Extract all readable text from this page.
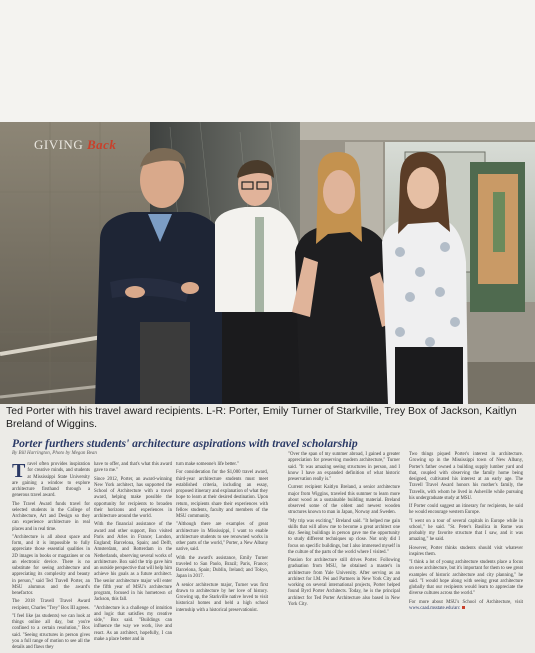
GIVING Back
Ted Porter with his travel award recipients. L-R: Porter, Emily Turner of Starkville, Trey Box of Jackson, Kaitlyn Breland of Wiggins.
Porter furthers students' architecture aspirations with travel scholarship
By Bill Harrington, Photo by Megan Bean

Travel often provides inspiration for creative minds, and students at Mississippi State University are gaining a window to explore architecture firsthand through a generous travel award.

The Travel Award funds travel for selected students in the College of Architecture, Art and Design so they can experience architecture in real places and in real time.

"Architecture is all about space and form, and it is impossible to fully appreciate those essential qualities in 2D images in books or magazines or on an electronic device. There is no substitute for seeing architecture and appreciating its complexity and beauty in person," said Ted Travell Porter, an MSU alumnus and the award's benefactor.

The 2018 Travell Travel Award recipient, Charles "Trey" Box III agrees.

"I feel like (as students) we can look at things online all day, but you're confined to a certain resolution," Box said. "Seeing structures in person gives you a full range of motion to see all the details and flaws they

have to offer, and that's what this award gave to me."

Since 2012, Porter, an award-winning New York architect, has supported the School of Architecture with a travel award, helping make possible the opportunity for recipients to broaden their horizons and experiences in architecture around the world.

With the financial assistance of the award and other support, Box visited Paris and Arles in France; London, England; Barcelona, Spain; and Delft, Amsterdam, and Rotterdam in the Netherlands, observing several works of architecture. Box said the trip gave him an outside perspective that will help him achieve his goals as a future architect. The senior architecture major will enter the fifth year of MSU's architecture program, focused in his hometown of Jackson, this fall.

"Architecture is a challenge of intuition and logic that satisfies my creative side," Box said. "Buildings can influence the way we work, live and react. As an architect, hopefully, I can make a place better and in

turn make someone's life better."

For consideration for the $1,000 travel award, third-year architecture students must meet established criteria, including an essay, proposed itinerary and explanation of what they hope to learn at their desired destination. Upon return, recipients share their experiences with fellow students, faculty and members of the MSU community.

"Although there are examples of great architecture in Mississippi, I want to enable architecture students to see renowned works in other parts of the world," Porter, a New Albany native, said.

With the award's assistance, Emily Turner traveled to San Paolo, Brazil; Paris, France; Barcelona, Spain; Dublin, Ireland; and Tokyo, Japan in 2017.

A senior architecture major, Turner was first drawn to architecture by her love of history. Growing up, the Starkville native loved to visit historical homes and held a high school internship with a historical preservationist.

"Over the span of my summer abroad, I gained a greater appreciation for preserving modern architecture," Turner said. "It was amazing seeing structures in person, and I know I have an expanded definition of what historic preservation really is."

Current recipient Kaitlyn Breland, a senior architecture major from Wiggins, traveled this summer to learn more about wood as a sustainable building material. Breland observed some of the oldest and newest wooden structures known to man in Japan, Norway and Sweden.

"My trip was exciting," Breland said. "It helped me gain skills that will allow me to become a great architect one day. Seeing buildings in person gave me the opportunity to study different techniques up close. Not only did I focus on specific buildings, but I also immersed myself in the culture of the parts of the world where I visited."

Passion for architecture still drives Porter. Following graduation from MSU, he obtained a master's in architecture from Yale University. After serving as an architect for I.M. Pei and Partners in New York City and working on several international projects, Porter helped found Byrd Porter Architects. Today, he is the principal architect for Ted Porter Architecture also based in New York City.

Two things piqued Porter's interest in architecture. Growing up in the Mississippi town of New Albany, Porter's father owned a building supply lumber yard and that, coupled with observing the family home being designed, cultivated his interest at an early age. The Travell Travel Award honors his mother's family, the Travells, with whom he lived in Asheville while pursuing his undergraduate study at MSU.

If Porter could suggest an itinerary for recipients, he said he would encourage western Europe.

"I went on a tour of several capitals in Europe while in school," he said. "St. Peter's Basilica in Rome was probably my favorite structure that I saw, and it was amazing," he said.

However, Porter thinks students should visit whatever inspires them.

"I think a lot of young architecture students place a focus on new architecture, but it's important for them to see great examples of historic architecture and city planning," he said. "I would hope along with seeing great architecture globally that our recipients would learn to appreciate the diverse cultures across the world."

For more about MSU's School of Architecture, visit www.caad.msstate.edu/arc
